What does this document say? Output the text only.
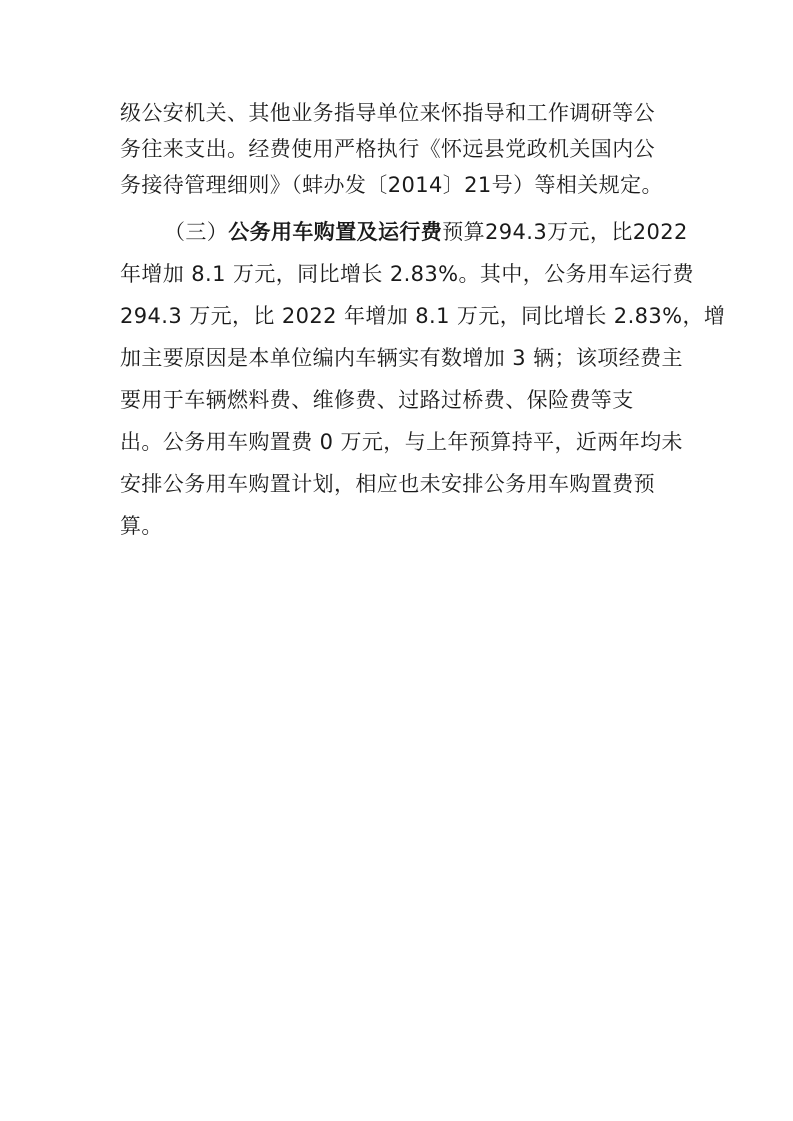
级公安机关、其他业务指导单位来怀指导和工作调研等公
务往来支出。经费使用严格执行《怀远县党政机关国内公
务接待管理细则》（蚌办发〔2014〕21号）等相关规定。
（三）公务用车购置及运行费预算294.3万元，比2022
年增加 8.1 万元，同比增长 2.83%。其中，公务用车运行费
294.3 万元，比 2022 年增加 8.1 万元，同比增长 2.83%，增
加主要原因是本单位编内车辆实有数增加 3 辆；该项经费主
要用于车辆燃料费、维修费、过路过桥费、保险费等支
出。公务用车购置费 0 万元，与上年预算持平，近两年均未
安排公务用车购置计划，相应也未安排公务用车购置费预
算。
